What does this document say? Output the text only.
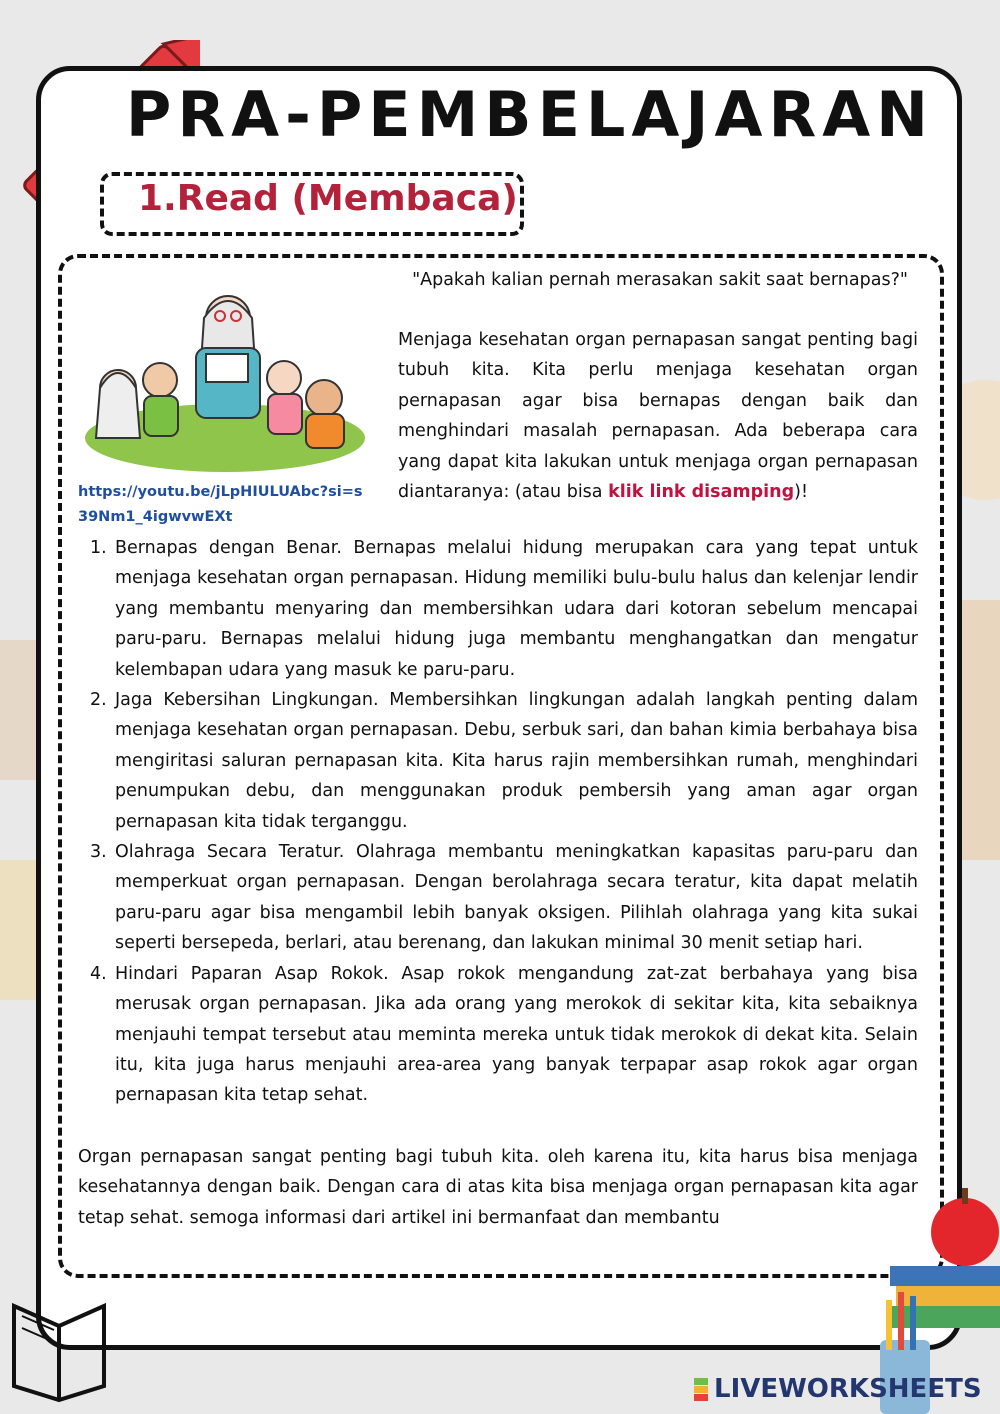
PRA-PEMBELAJARAN
1.Read (Membaca)
"Apakah kalian pernah merasakan sakit saat bernapas?"
Menjaga kesehatan organ pernapasan sangat penting bagi tubuh kita. Kita perlu menjaga kesehatan organ pernapasan agar bisa bernapas dengan baik dan menghindari masalah pernapasan. Ada beberapa cara yang dapat kita lakukan untuk menjaga organ pernapasan diantaranya: (atau bisa klik link disamping)!
https://youtu.be/jLpHIULUAbc?si=s39Nm1_4igwvwEXt
1. Bernapas dengan Benar. Bernapas melalui hidung merupakan cara yang tepat untuk menjaga kesehatan organ pernapasan. Hidung memiliki bulu-bulu halus dan kelenjar lendir yang membantu menyaring dan membersihkan udara dari kotoran sebelum mencapai paru-paru. Bernapas melalui hidung juga membantu menghangatkan dan mengatur kelembapan udara yang masuk ke paru-paru.
2. Jaga Kebersihan Lingkungan. Membersihkan lingkungan adalah langkah penting dalam menjaga kesehatan organ pernapasan. Debu, serbuk sari, dan bahan kimia berbahaya bisa mengiritasi saluran pernapasan kita. Kita harus rajin membersihkan rumah, menghindari penumpukan debu, dan menggunakan produk pembersih yang aman agar organ pernapasan kita tidak terganggu.
3. Olahraga Secara Teratur. Olahraga membantu meningkatkan kapasitas paru-paru dan memperkuat organ pernapasan. Dengan berolahraga secara teratur, kita dapat melatih paru-paru agar bisa mengambil lebih banyak oksigen. Pilihlah olahraga yang kita sukai seperti bersepeda, berlari, atau berenang, dan lakukan minimal 30 menit setiap hari.
4. Hindari Paparan Asap Rokok. Asap rokok mengandung zat-zat berbahaya yang bisa merusak organ pernapasan. Jika ada orang yang merokok di sekitar kita, kita sebaiknya menjauhi tempat tersebut atau meminta mereka untuk tidak merokok di dekat kita. Selain itu, kita juga harus menjauhi area-area yang banyak terpapar asap rokok agar organ pernapasan kita tetap sehat.
Organ pernapasan sangat penting bagi tubuh kita. oleh karena itu, kita harus bisa menjaga kesehatannya dengan baik. Dengan cara di atas kita bisa menjaga organ pernapasan kita agar tetap sehat. semoga informasi dari artikel ini bermanfaat dan membantu
LIVEWORKSHEETS
